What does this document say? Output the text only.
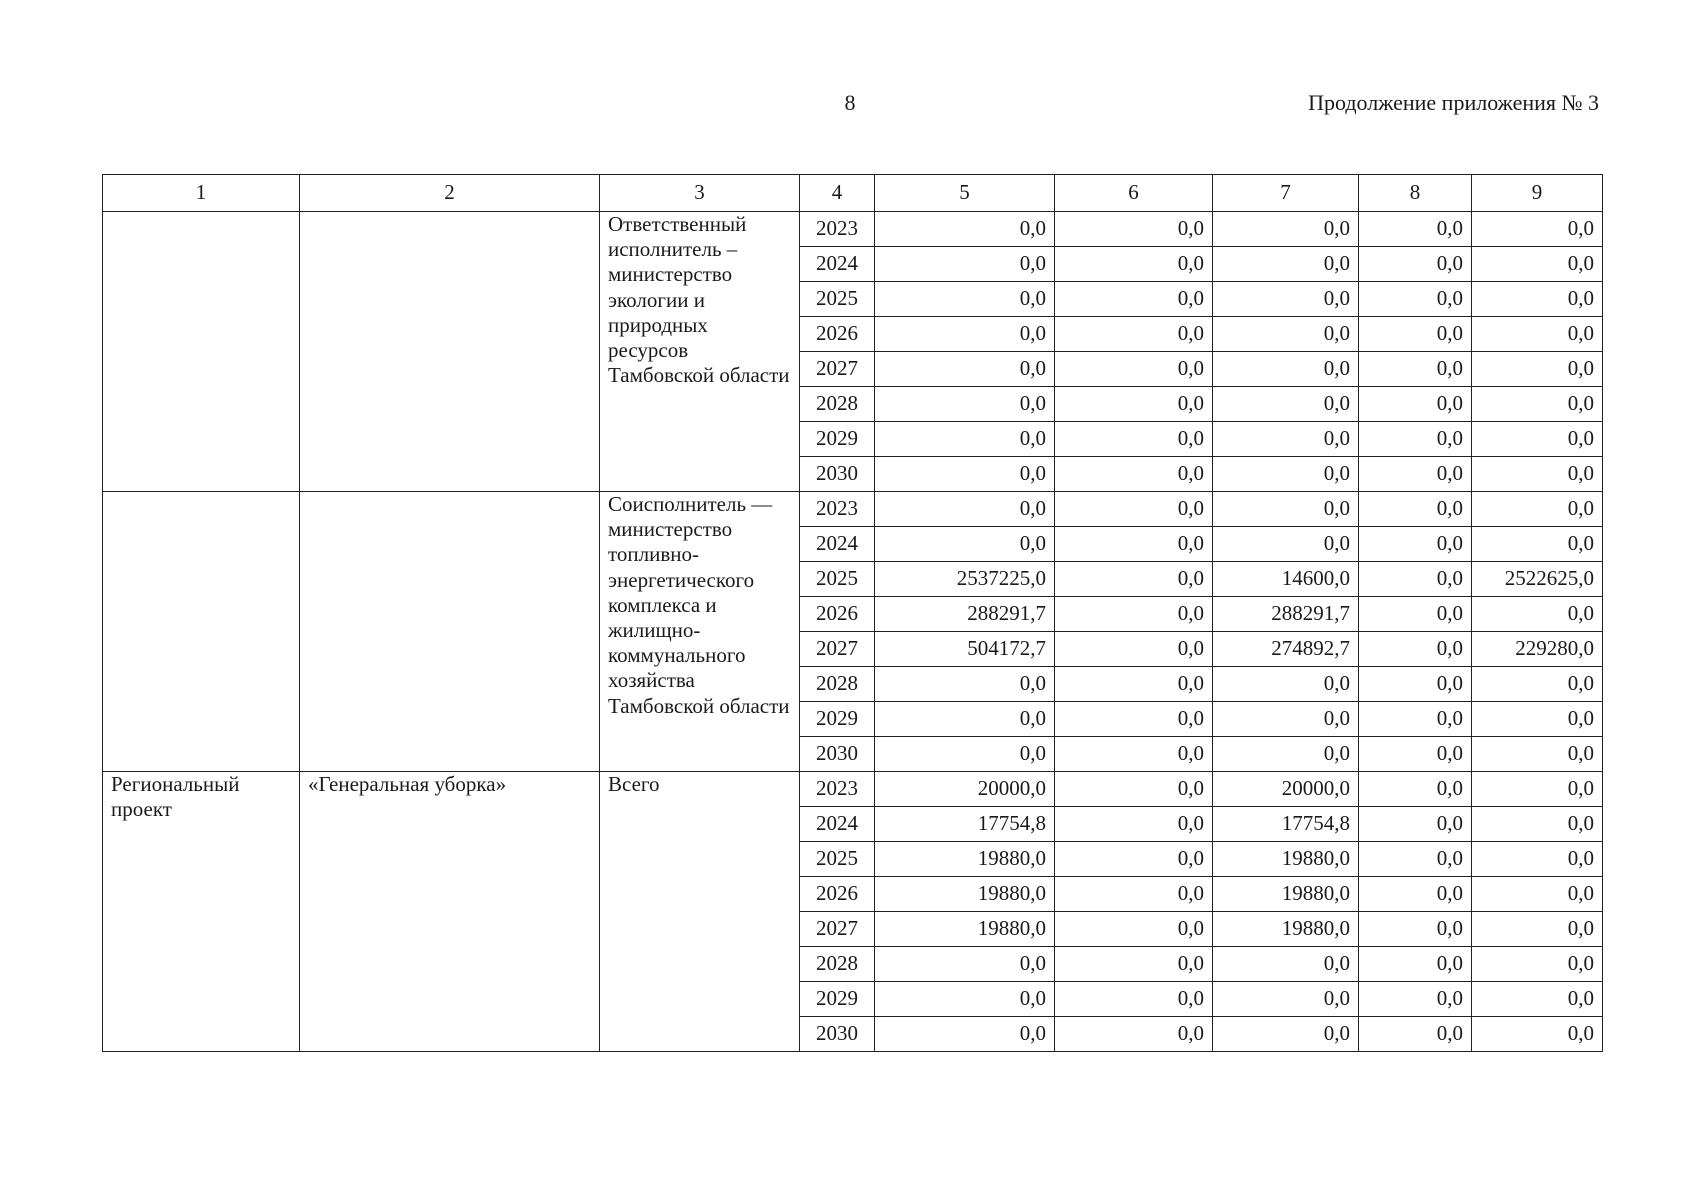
8	Продолжение приложения № 3
1	2	3	4	5	6	7	8	9
		Ответственный исполнитель – министерство экологии и природных ресурсов Тамбовской области	2023	0,0	0,0	0,0	0,0	0,0
			2024	0,0	0,0	0,0	0,0	0,0
			2025	0,0	0,0	0,0	0,0	0,0
			2026	0,0	0,0	0,0	0,0	0,0
			2027	0,0	0,0	0,0	0,0	0,0
			2028	0,0	0,0	0,0	0,0	0,0
			2029	0,0	0,0	0,0	0,0	0,0
			2030	0,0	0,0	0,0	0,0	0,0
		Соисполнитель — министерство топливно-энергетического комплекса и жилищно-коммунального хозяйства Тамбовской области	2023	0,0	0,0	0,0	0,0	0,0
			2024	0,0	0,0	0,0	0,0	0,0
			2025	2537225,0	0,0	14600,0	0,0	2522625,0
			2026	288291,7	0,0	288291,7	0,0	0,0
			2027	504172,7	0,0	274892,7	0,0	229280,0
			2028	0,0	0,0	0,0	0,0	0,0
			2029	0,0	0,0	0,0	0,0	0,0
			2030	0,0	0,0	0,0	0,0	0,0
Региональный проект	«Генеральная уборка»	Всего	2023	20000,0	0,0	20000,0	0,0	0,0
			2024	17754,8	0,0	17754,8	0,0	0,0
			2025	19880,0	0,0	19880,0	0,0	0,0
			2026	19880,0	0,0	19880,0	0,0	0,0
			2027	19880,0	0,0	19880,0	0,0	0,0
			2028	0,0	0,0	0,0	0,0	0,0
			2029	0,0	0,0	0,0	0,0	0,0
			2030	0,0	0,0	0,0	0,0	0,0
